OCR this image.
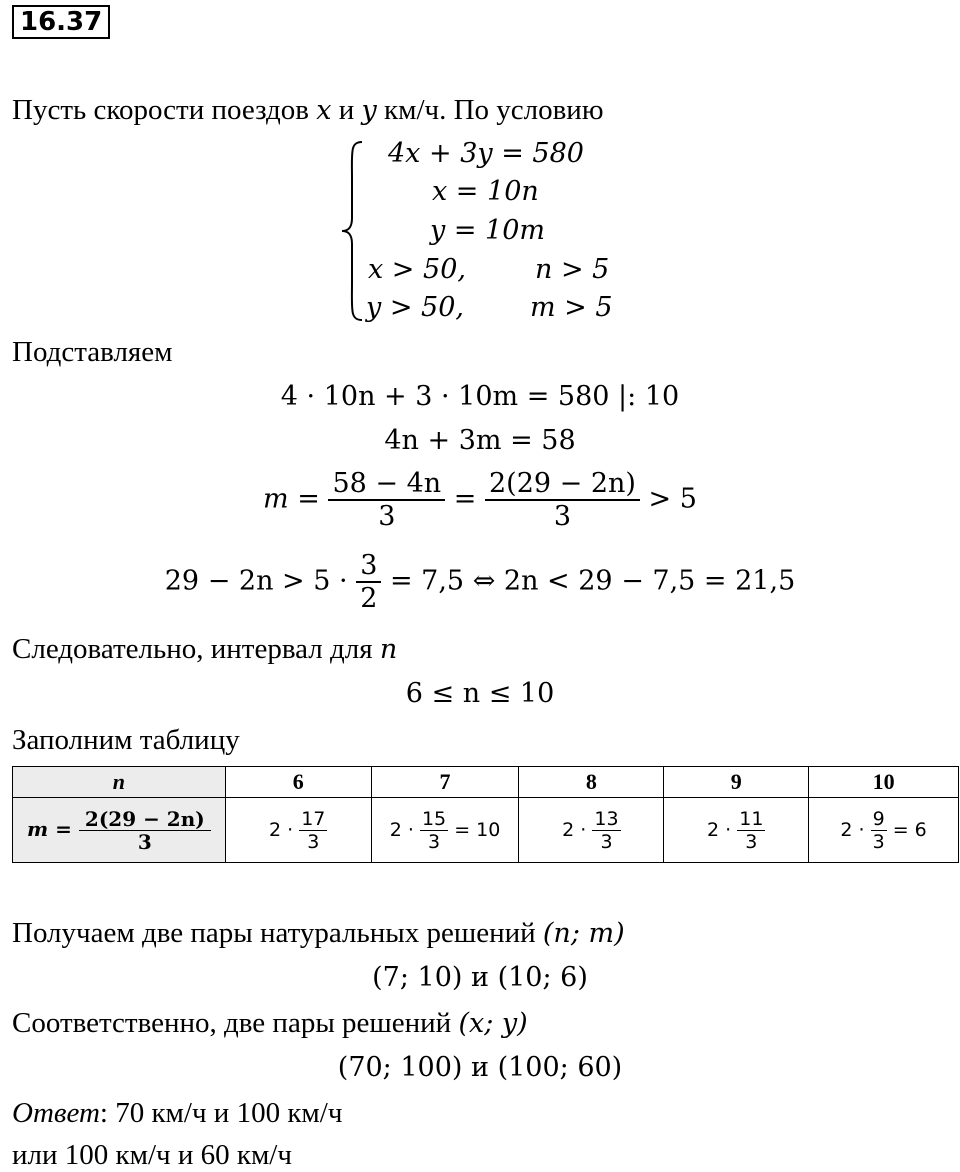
16.37
Пусть скорости поездов x и y км/ч. По условию
4x + 3y = 580
x = 10n
y = 10m
x > 50,	n > 5
y > 50, m > 5
Подставляем
4 · 10n + 3 · 10m = 580 |: 10
4n + 3m = 58
$m = \frac{58 - 4n}{3} = \frac{2(29 - 2n)}{3} > 5$
$29 - 2n > 5 \cdot \frac{3}{2} = 7,5$ ⇔ 2n < 29 − 7,5 = 21,5
Следовательно, интервал для n
6 ≤ n ≤ 10
Заполним таблицу
n	6	7	8	9	10
$m = \frac{2(29 - 2n)}{3}$	$2 \cdot \frac{17}{3}$	$2 \cdot \frac{15}{3} = 10$	$2 \cdot \frac{13}{3}$	$2 \cdot \frac{11}{3}$	$2 \cdot \frac{9}{3} = 6$
Получаем две пары натуральных решений (n; m)
(7; 10) и (10; 6)
Соответственно, две пары решений (x; y)
(70; 100) и (100; 60)
Ответ: 70 км/ч и 100 км/ч
или 100 км/ч и 60 км/ч
